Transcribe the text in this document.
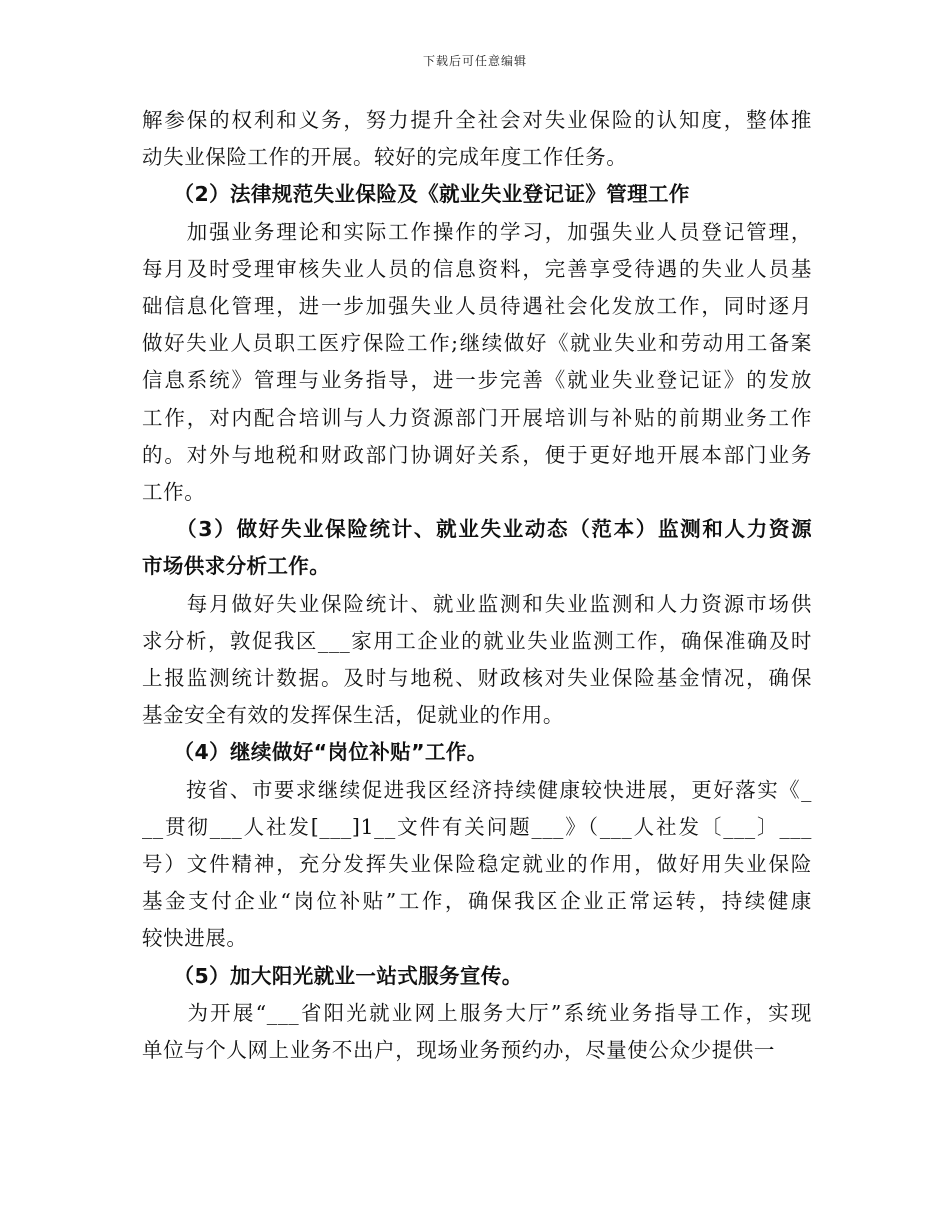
下载后可任意编辑
解参保的权利和义务，努力提升全社会对失业保险的认知度，整体推
动失业保险工作的开展。较好的完成年度工作任务。
　　（2）法律规范失业保险及《就业失业登记证》管理工作
　　加强业务理论和实际工作操作的学习，加强失业人员登记管理，
每月及时受理审核失业人员的信息资料，完善享受待遇的失业人员基
础信息化管理，进一步加强失业人员待遇社会化发放工作，同时逐月
做好失业人员职工医疗保险工作;继续做好《就业失业和劳动用工备案
信息系统》管理与业务指导，进一步完善《就业失业登记证》的发放
工作，对内配合培训与人力资源部门开展培训与补贴的前期业务工作
的。对外与地税和财政部门协调好关系，便于更好地开展本部门业务
工作。
　　（3）做好失业保险统计、就业失业动态（范本）监测和人力资源
市场供求分析工作。
　　每月做好失业保险统计、就业监测和失业监测和人力资源市场供
求分析，敦促我区___家用工企业的就业失业监测工作，确保准确及时
上报监测统计数据。及时与地税、财政核对失业保险基金情况，确保
基金安全有效的发挥保生活，促就业的作用。
　　（4）继续做好“岗位补贴”工作。
　　按省、市要求继续促进我区经济持续健康较快进展，更好落实《_
__贯彻___人社发[___]1__文件有关问题___》（___人社发〔___〕___
号）文件精神，充分发挥失业保险稳定就业的作用，做好用失业保险
基金支付企业“岗位补贴”工作，确保我区企业正常运转，持续健康
较快进展。
　　（5）加大阳光就业一站式服务宣传。
　　为开展“___省阳光就业网上服务大厅”系统业务指导工作，实现
单位与个人网上业务不出户，现场业务预约办，尽量使公众少提供一
